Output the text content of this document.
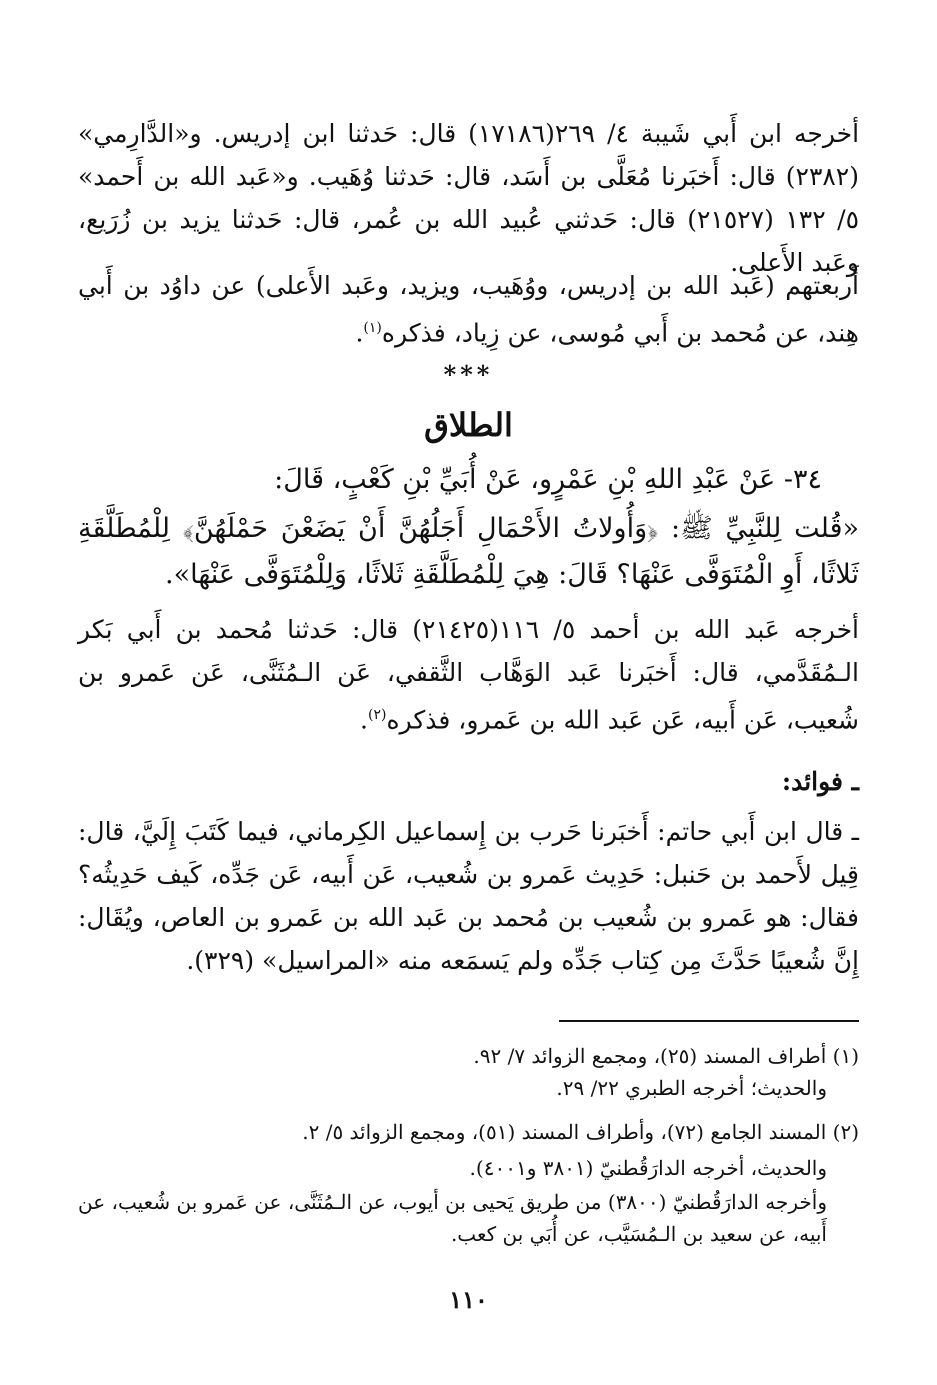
أخرجه ابن أَبي شَيبة ٤/ ٢٦٩(١٧١٨٦) قال: حَدثنا ابن إدريس. و«الدَّارِمي» (٢٣٨٢) قال: أَخبَرنا مُعَلَّى بن أَسَد، قال: حَدثنا وُهَيب. و«عَبد الله بن أَحمد» ٥/ ١٣٢ (٢١٥٢٧) قال: حَدثني عُبيد الله بن عُمر، قال: حَدثنا يزيد بن زُرَيع، وعَبد الأَعلى.

أَربعتهم (عَبد الله بن إدريس، ووُهَيب، ويزيد، وعَبد الأَعلى) عن داوُد بن أَبي هِند، عن مُحمد بن أَبي مُوسى، عن زِياد، فذكره$^{(١)}$.

***
الطلاق
٣٤- عَنْ عَبْدِ اللهِ بْنِ عَمْرٍو، عَنْ أُبَيِّ بْنِ كَعْبٍ، قَالَ:
«قُلت لِلنَّبِيِّ ﷺ: ﴿وَأُولاتُ الأَحْمَالِ أَجَلُهُنَّ أَنْ يَضَعْنَ حَمْلَهُنَّ﴾ لِلْمُطَلَّقَةِ ثَلاثًا، أَوِ الْمُتَوَفَّى عَنْهَا؟ قَالَ: هِيَ لِلْمُطَلَّقَةِ ثَلاثًا، وَلِلْمُتَوَفَّى عَنْهَا».

أخرجه عَبد الله بن أحمد ٥/ ١١٦(٢١٤٢٥) قال: حَدثنا مُحمد بن أَبي بَكر الـمُقَدَّمي، قال: أَخبَرنا عَبد الوَهَّاب الثَّقفي، عَن الـمُثَنَّى، عَن عَمرو بن شُعيب، عَن أَبيه، عَن عَبد الله بن عَمرو، فذكره$^{(٢)}$.

ـ فوائد:

ـ قال ابن أَبي حاتم: أَخبَرنا حَرب بن إِسماعيل الكِرماني، فيما كَتَبَ إِلَيَّ، قال: قِيل لأَحمد بن حَنبل: حَدِيث عَمرو بن شُعيب، عَن أَبيه، عَن جَدِّه، كَيف حَدِيثُه؟ فقال: هو عَمرو بن شُعيب بن مُحمد بن عَبد الله بن عَمرو بن العاص، ويُقَال: إِنَّ شُعيبًا حَدَّثَ مِن كِتاب جَدِّه ولم يَسمَعه منه «المراسيل» (٣٢٩).

(١) أطراف المسند (٢٥)، ومجمع الزوائد ٧/ ٩٢.
والحديث؛ أخرجه الطبري ٢٢/ ٢٩.
(٢) المسند الجامع (٧٢)، وأطراف المسند (٥١)، ومجمع الزوائد ٥/ ٢.
والحديث، أخرجه الدارَقُطنيّ (٣٨٠١ و٤٠٠١).
وأخرجه الدارَقُطنيّ (٣٨٠٠) من طريق يَحيى بن أيوب، عن الـمُثَنَّى، عن عَمرو بن شُعيب، عن أَبيه، عن سعيد بن الـمُسَيَّب، عن أُبَي بن كعب.
١١٠
